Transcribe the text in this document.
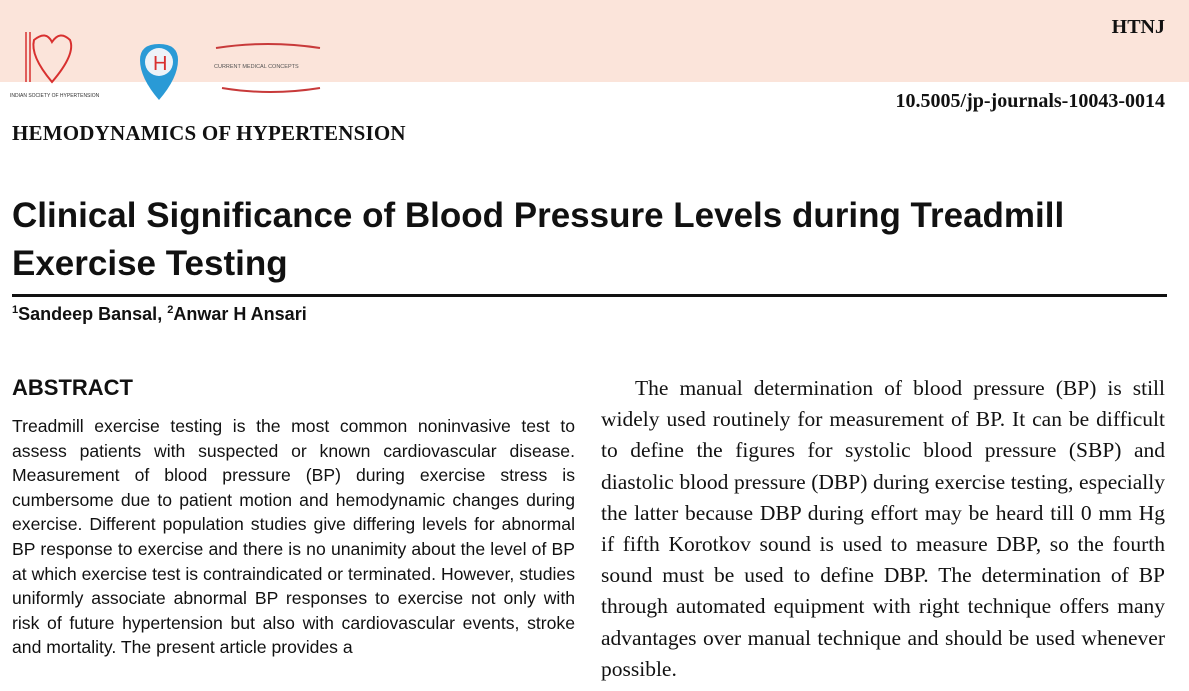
HTNJ
INDIAN SOCIETY OF HYPERTENSION
H	CURRENT MEDICAL CONCEPTS
10.5005/jp-journals-10043-0014
HEMODYNAMICS OF HYPERTENSION
Clinical Significance of Blood Pressure Levels during Treadmill Exercise Testing
$^1$Sandeep Bansal, $^2$Anwar H Ansari
ABSTRACT
Treadmill exercise testing is the most common noninvasive test to assess patients with suspected or known cardiovascular disease. Measurement of blood pressure (BP) during exercise stress is cumbersome due to patient motion and hemodynamic changes during exercise. Different population studies give differing levels for abnormal BP response to exercise and there is no unanimity about the level of BP at which exercise test is contraindicated or terminated. However, studies uniformly associate abnormal BP responses to exercise not only with risk of future hypertension but also with cardiovascular events, stroke and mortality. The present article provides a
The manual determination of blood pressure (BP) is still widely used routinely for measurement of BP. It can be difficult to define the figures for systolic blood pressure (SBP) and diastolic blood pressure (DBP) during exercise testing, especially the latter because DBP during effort may be heard till 0 mm Hg if fifth Korotkov sound is used to measure DBP, so the fourth sound must be used to define DBP. The determination of BP through automated equipment with right technique offers many advantages over manual technique and should be used whenever possible.
